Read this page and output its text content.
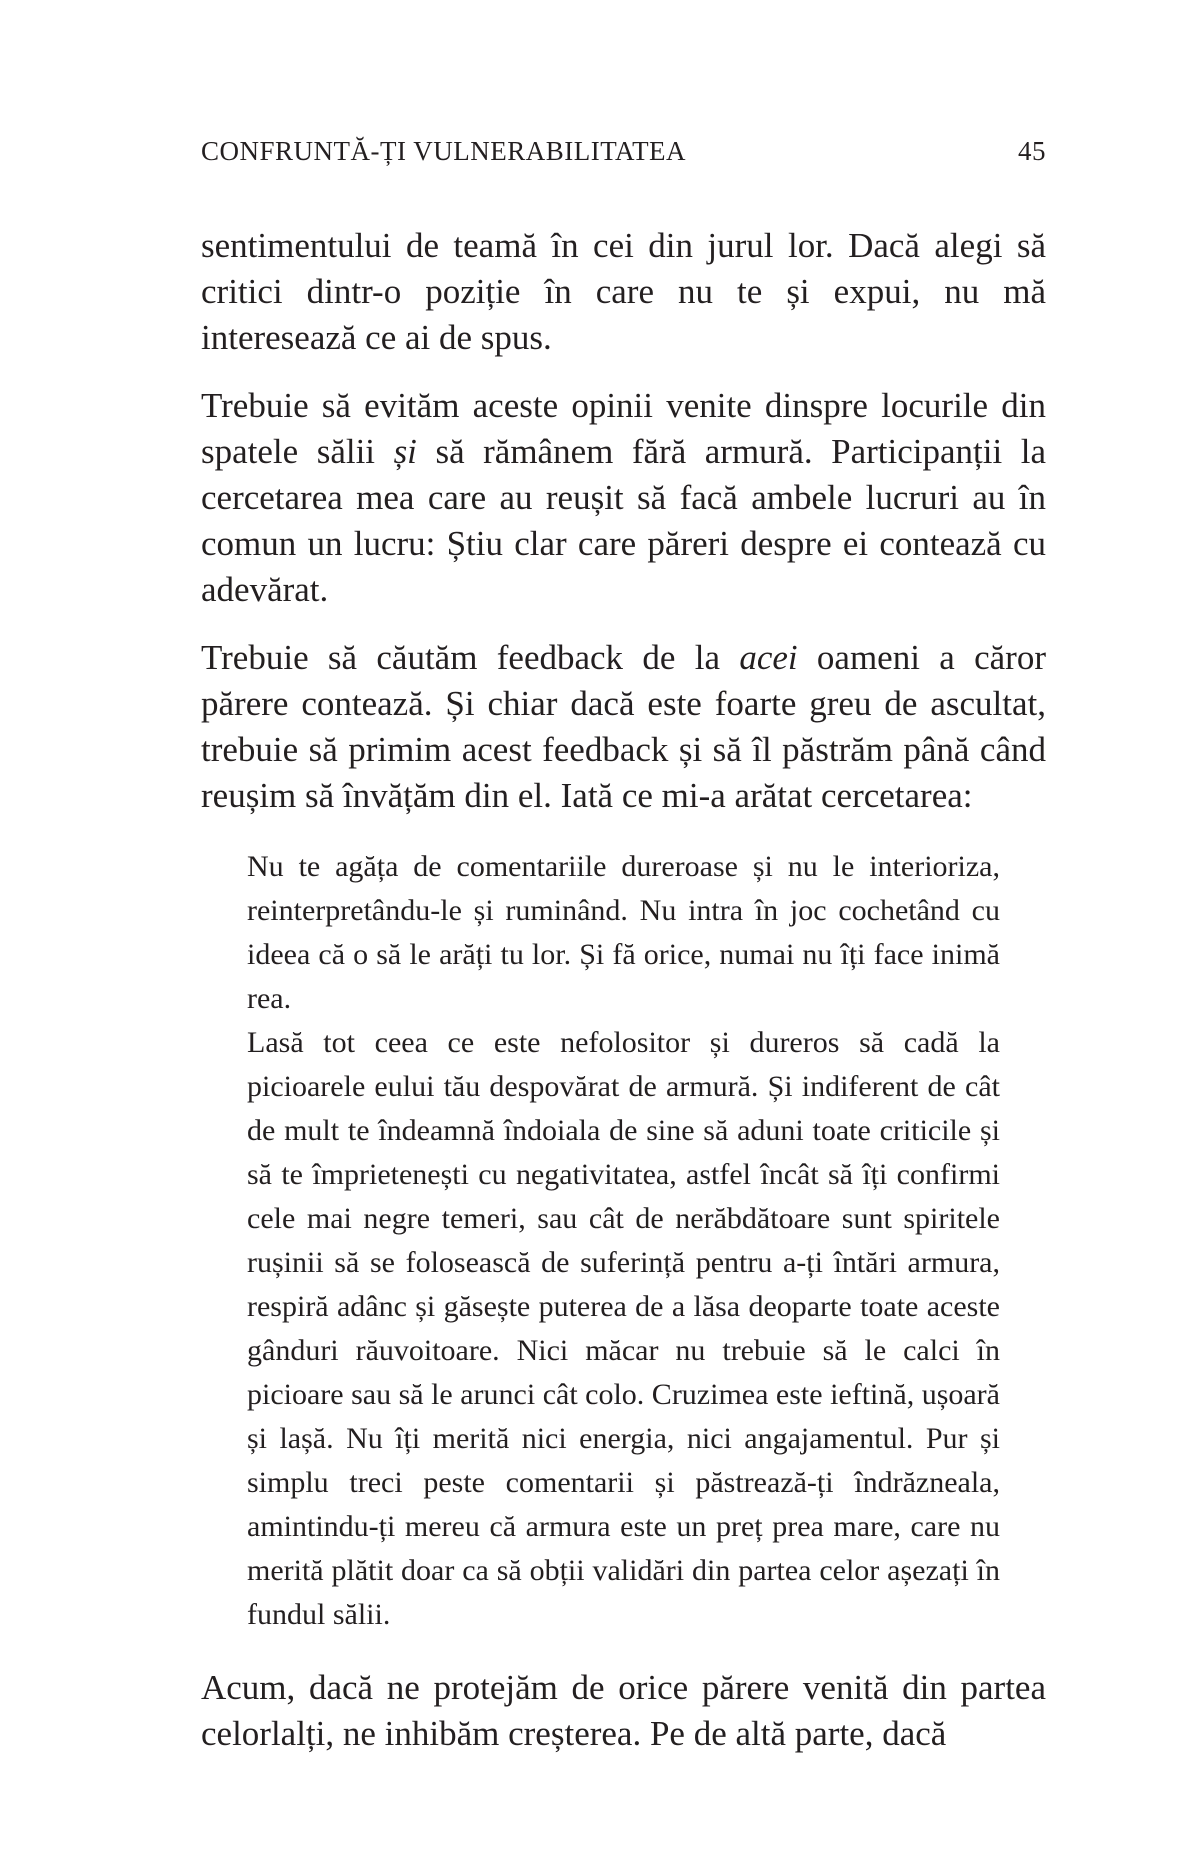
CONFRUNTĂ-ȚI VULNERABILITATEA	45

sentimentului de teamă în cei din jurul lor. Dacă alegi să critici dintr-o poziție în care nu te și expui, nu mă interesează ce ai de spus.

Trebuie să evităm aceste opinii venite dinspre locurile din spatele sălii și să rămânem fără armură. Participanții la cercetarea mea care au reușit să facă ambele lucruri au în comun un lucru: Știu clar care păreri despre ei contează cu adevărat.

Trebuie să căutăm feedback de la acei oameni a căror părere contează. Și chiar dacă este foarte greu de ascultat, trebuie să primim acest feedback și să îl păstrăm până când reușim să învățăm din el. Iată ce mi-a arătat cercetarea:

Nu te agăța de comentariile dureroase și nu le interioriza, reinterpretându-le și ruminând. Nu intra în joc cochetând cu ideea că o să le arăți tu lor. Și fă orice, numai nu îți face inimă rea.

Lasă tot ceea ce este nefolositor și dureros să cadă la picioarele eului tău despovărat de armură. Și indiferent de cât de mult te îndeamnă îndoiala de sine să aduni toate criticile și să te împrietenești cu negativitatea, astfel încât să îți confirmi cele mai negre temeri, sau cât de nerăbdătoare sunt spiritele rușinii să se folosească de suferință pentru a-ți întări armura, respiră adânc și găsește puterea de a lăsa deoparte toate aceste gânduri răuvoitoare. Nici măcar nu trebuie să le calci în picioare sau să le arunci cât colo. Cruzimea este ieftină, ușoară și lașă. Nu îți merită nici energia, nici angajamentul. Pur și simplu treci peste comentarii și păstrează-ți îndrăzneala, amintindu-ți mereu că armura este un preț prea mare, care nu merită plătit doar ca să obții validări din partea celor așezați în fundul sălii.

Acum, dacă ne protejăm de orice părere venită din partea celorlalți, ne inhibăm creșterea. Pe de altă parte, dacă
